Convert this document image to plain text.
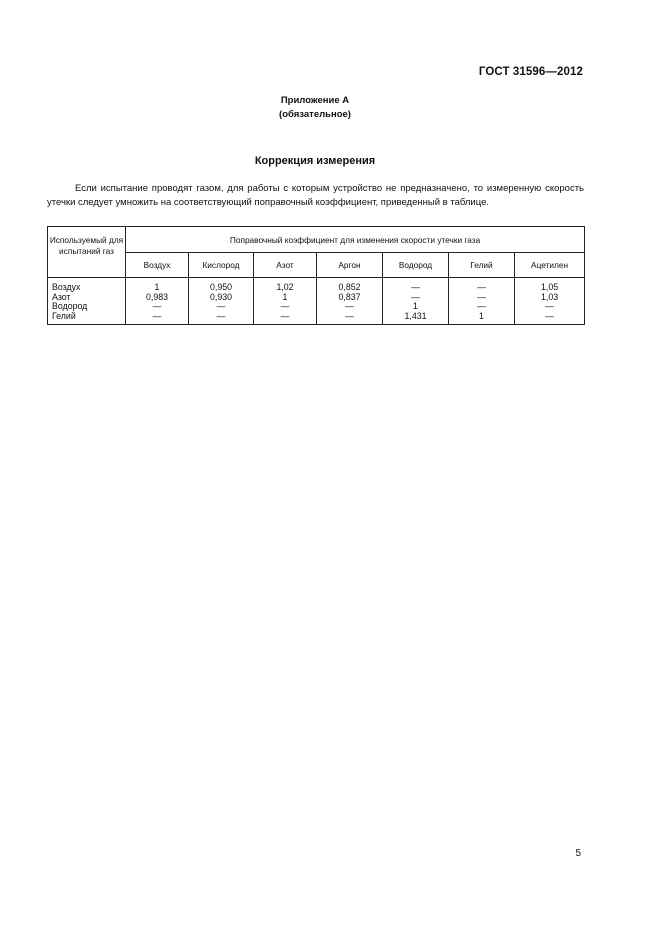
ГОСТ 31596—2012
Приложение А
(обязательное)
Коррекция измерения
Если испытание проводят газом, для работы с которым устройство не предназначено, то измеренную скорость утечки следует умножить на соответствующий поправочный коэффициент, приведенный в таблице.
Используемый для испытаний газ	Поправочный коэффициент для изменения скорости утечки газа						
	Воздух	Кислород	Азот	Аргон	Водород	Гелий	Ацетилен
Воздух	1	0,950	1,02	0,852	—	—	1,05
Азот	0,983	0,930	1	0,837	—	—	1,03
Водород	—	—	—	—	1	—	—
Гелий	—	—	—	—	1,431	1	—
5
